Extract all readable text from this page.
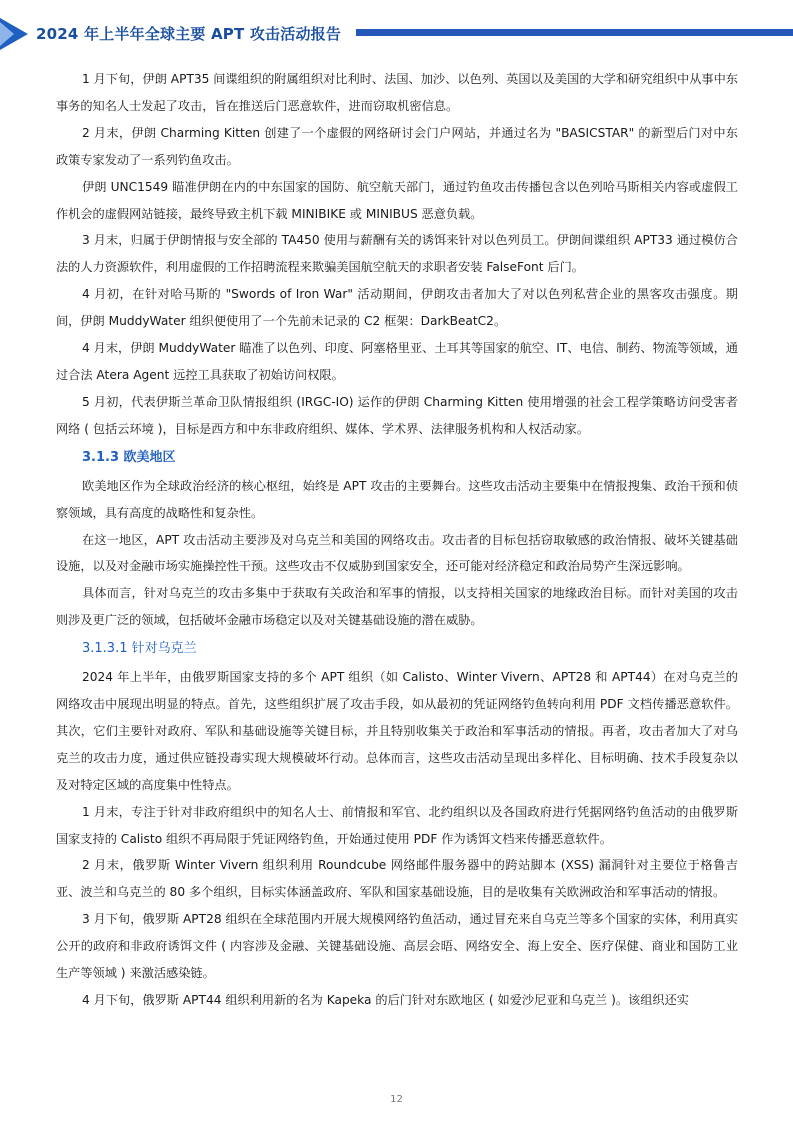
2024 年上半年全球主要 APT 攻击活动报告

1 月下旬，伊朗 APT35 间谍组织的附属组织对比利时、法国、加沙、以色列、英国以及美国的大学和研究组织中从事中东事务的知名人士发起了攻击，旨在推送后门恶意软件，进而窃取机密信息。

2 月末，伊朗 Charming Kitten 创建了一个虚假的网络研讨会门户网站，并通过名为 "BASICSTAR" 的新型后门对中东政策专家发动了一系列钓鱼攻击。

伊朗 UNC1549 瞄准伊朗在内的中东国家的国防、航空航天部门，通过钓鱼攻击传播包含以色列哈马斯相关内容或虚假工作机会的虚假网站链接，最终导致主机下载 MINIBIKE 或 MINIBUS 恶意负载。

3 月末，归属于伊朗情报与安全部的 TA450 使用与薪酬有关的诱饵来针对以色列员工。伊朗间谍组织 APT33 通过模仿合法的人力资源软件，利用虚假的工作招聘流程来欺骗美国航空航天的求职者安装 FalseFont 后门。

4 月初，在针对哈马斯的 "Swords of Iron War" 活动期间，伊朗攻击者加大了对以色列私营企业的黑客攻击强度。期间，伊朗 MuddyWater 组织便使用了一个先前未记录的 C2 框架：DarkBeatC2。

4 月末，伊朗 MuddyWater 瞄准了以色列、印度、阿塞格里亚、土耳其等国家的航空、IT、电信、制药、物流等领域，通过合法 Atera Agent 远控工具获取了初始访问权限。

5 月初，代表伊斯兰革命卫队情报组织 (IRGC-IO) 运作的伊朗 Charming Kitten 使用增强的社会工程学策略访问受害者网络 ( 包括云环境 )，目标是西方和中东非政府组织、媒体、学术界、法律服务机构和人权活动家。

3.1.3 欧美地区

欧美地区作为全球政治经济的核心枢纽，始终是 APT 攻击的主要舞台。这些攻击活动主要集中在情报搜集、政治干预和侦察领域，具有高度的战略性和复杂性。

在这一地区，APT 攻击活动主要涉及对乌克兰和美国的网络攻击。攻击者的目标包括窃取敏感的政治情报、破坏关键基础设施，以及对金融市场实施操控性干预。这些攻击不仅威胁到国家安全，还可能对经济稳定和政治局势产生深远影响。

具体而言，针对乌克兰的攻击多集中于获取有关政治和军事的情报，以支持相关国家的地缘政治目标。而针对美国的攻击则涉及更广泛的领域，包括破坏金融市场稳定以及对关键基础设施的潜在威胁。

3.1.3.1 针对乌克兰

2024 年上半年，由俄罗斯国家支持的多个 APT 组织（如 Calisto、Winter Vivern、APT28 和 APT44）在对乌克兰的网络攻击中展现出明显的特点。首先，这些组织扩展了攻击手段，如从最初的凭证网络钓鱼转向利用 PDF 文档传播恶意软件。其次，它们主要针对政府、军队和基础设施等关键目标，并且特别收集关于政治和军事活动的情报。再者，攻击者加大了对乌克兰的攻击力度，通过供应链投毒实现大规模破坏行动。总体而言，这些攻击活动呈现出多样化、目标明确、技术手段复杂以及对特定区域的高度集中性特点。

1 月末，专注于针对非政府组织中的知名人士、前情报和军官、北约组织以及各国政府进行凭据网络钓鱼活动的由俄罗斯国家支持的 Calisto 组织不再局限于凭证网络钓鱼，开始通过使用 PDF 作为诱饵文档来传播恶意软件。

2 月末，俄罗斯 Winter Vivern 组织利用 Roundcube 网络邮件服务器中的跨站脚本 (XSS) 漏洞针对主要位于格鲁吉亚、波兰和乌克兰的 80 多个组织，目标实体涵盖政府、军队和国家基础设施，目的是收集有关欧洲政治和军事活动的情报。

3 月下旬，俄罗斯 APT28 组织在全球范围内开展大规模网络钓鱼活动，通过冒充来自乌克兰等多个国家的实体，利用真实公开的政府和非政府诱饵文件 ( 内容涉及金融、关键基础设施、高层会晤、网络安全、海上安全、医疗保健、商业和国防工业生产等领域 ) 来激活感染链。

4 月下旬，俄罗斯 APT44 组织利用新的名为 Kapeka 的后门针对东欧地区 ( 如爱沙尼亚和乌克兰 )。该组织还实

12
